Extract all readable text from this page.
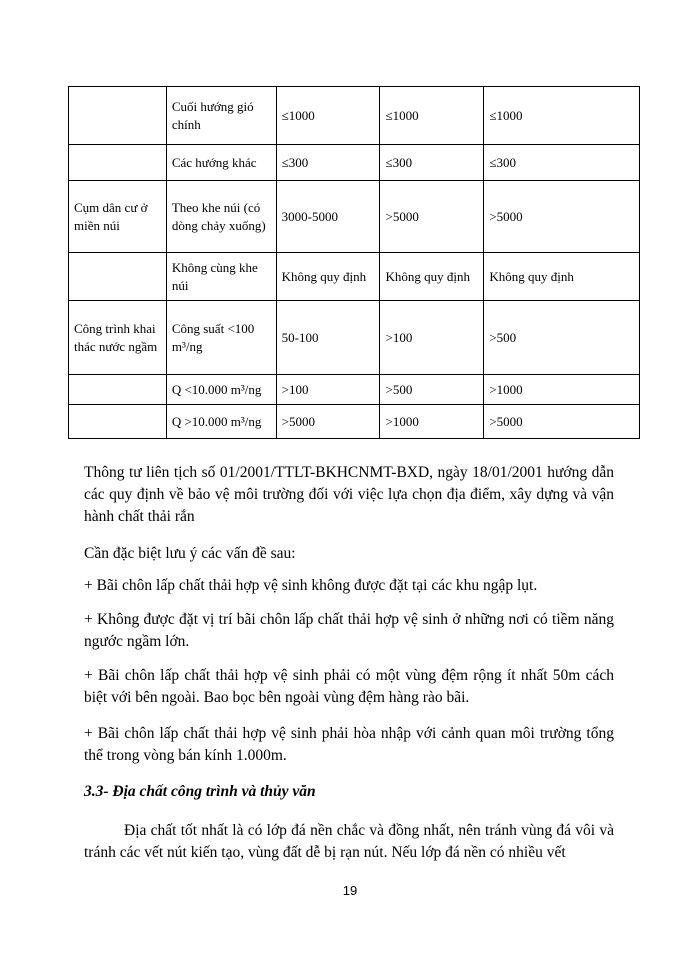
	Cuối hướng gió chính	≤1000	≤1000	≤1000
	Các hướng khác	≤300	≤300	≤300
Cụm dân cư ở miền núi	Theo khe núi (có dòng chảy xuống)	3000-5000	>5000	>5000
	Không cùng khe núi	Không quy định	Không quy định	Không quy định
Công trình khai thác nước ngầm	Công suất <100 m³/ng	50-100	>100	>500
	Q <10.000 m³/ng	>100	>500	>1000
	Q >10.000 m³/ng	>5000	>1000	>5000
Thông tư liên tịch số 01/2001/TTLT-BKHCNMT-BXD, ngày 18/01/2001 hướng dẫn các quy định về bảo vệ môi trường đối với việc lựa chọn địa điểm, xây dựng và vận hành chất thải rắn
Cần đặc biệt lưu ý các vấn đề sau:
+ Bãi chôn lấp chất thải hợp vệ sinh không được đặt tại các khu ngập lụt.
+ Không được đặt vị trí bãi chôn lấp chất thải hợp vệ sinh ở những nơi có tiềm năng ngước ngầm lớn.
+ Bãi chôn lấp chất thải hợp vệ sinh phải có một vùng đệm rộng ít nhất 50m cách biệt với bên ngoài. Bao bọc bên ngoài vùng đệm hàng rào bãi.
+ Bãi chôn lấp chất thải hợp vệ sinh phải hòa nhập với cảnh quan môi trường tổng thể trong vòng bán kính 1.000m.
3.3- Địa chất công trình và thủy văn
Địa chất tốt nhất là có lớp đá nền chắc và đồng nhất, nên tránh vùng đá vôi và tránh các vết nút kiến tạo, vùng đất dễ bị rạn nút. Nếu lớp đá nền có nhiều vết
19
